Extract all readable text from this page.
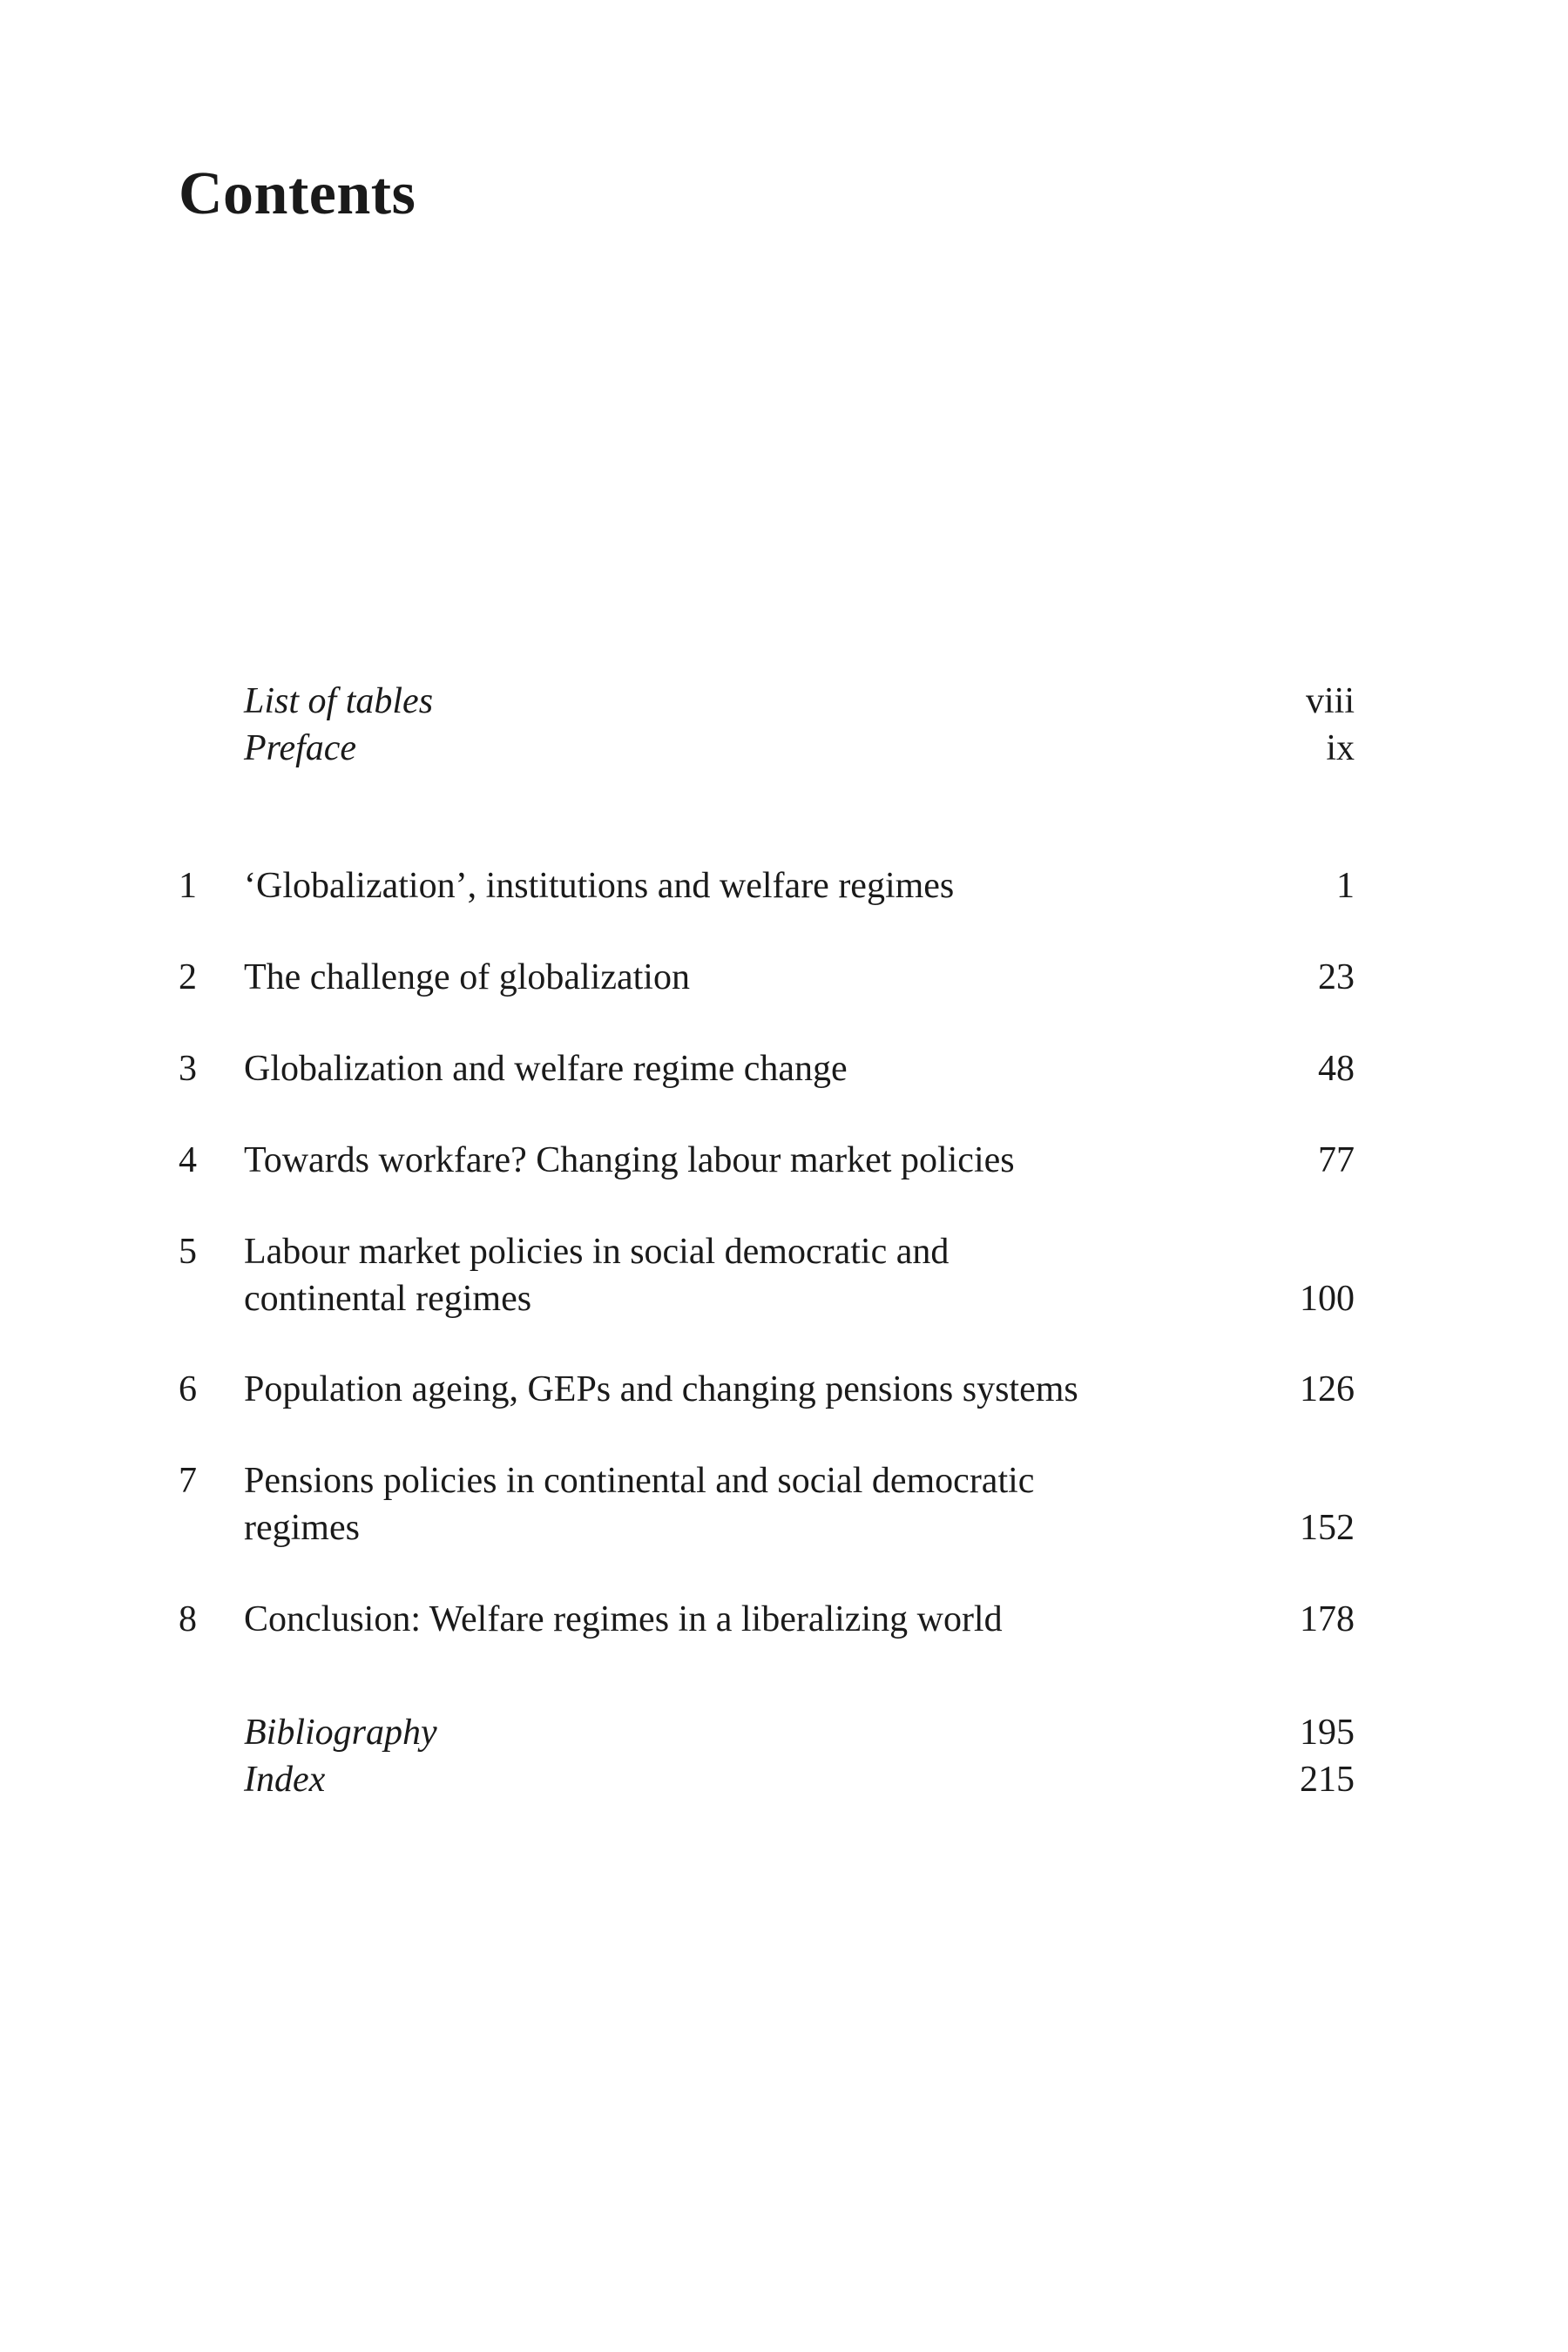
Contents
List of tables	viii
Preface	ix
1	‘Globalization’, institutions and welfare regimes	1
2	The challenge of globalization	23
3	Globalization and welfare regime change	48
4	Towards workfare? Changing labour market policies	77
5	Labour market policies in social democratic and
continental regimes	100
6	Population ageing, GEPs and changing pensions systems	126
7	Pensions policies in continental and social democratic
regimes	152
8	Conclusion: Welfare regimes in a liberalizing world	178
Bibliography	195
Index	215
